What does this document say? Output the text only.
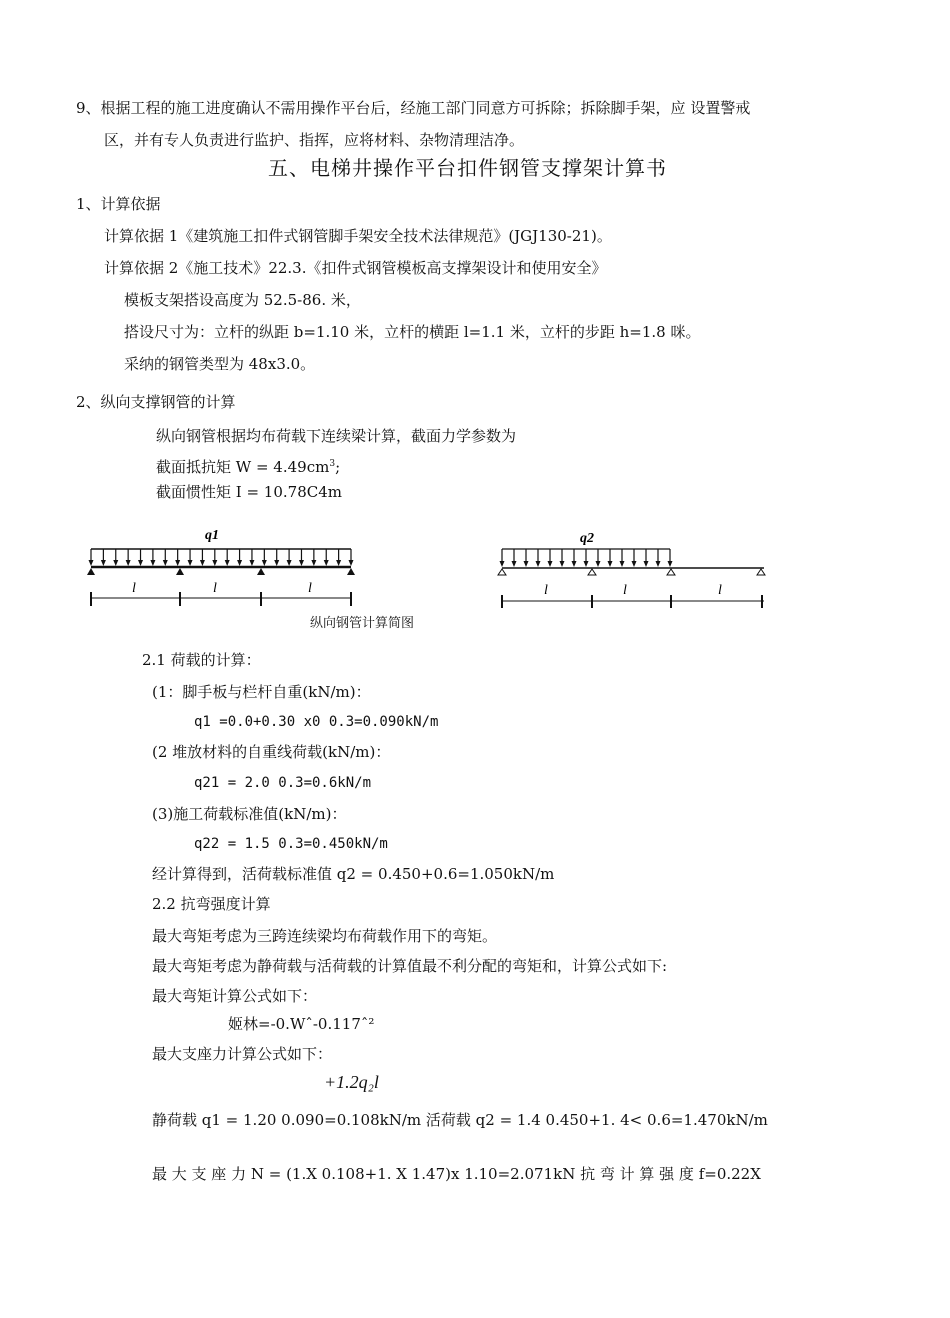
9、根据工程的施工进度确认不需用操作平台后，经施工部门同意方可拆除；拆除脚手架，应 设置警戒
区，并有专人负责进行监护、指挥，应将材料、杂物清理洁净。
五、电梯井操作平台扣件钢管支撑架计算书
1、计算依据
计算依据 1《建筑施工扣件式钢管脚手架安全技术法律规范》(JGJ130-21)。
计算依据 2《施工技术》22.3.《扣件式钢管模板高支撑架设计和使用安全》
模板支架搭设高度为 52.5-86. 米，
搭设尺寸为：立杆的纵距 b=1.10 米，立杆的横距 l=1.1 米，立杆的步距 h=1.8 咪。
采纳的钢管类型为 48x3.0。
2、纵向支撑钢管的计算
纵向钢管根据均布荷载下连续梁计算，截面力学参数为
截面抵抗矩 $W = 4.49cm^3$;
截面惯性矩 I = 10.78C4m
q1
l	l	l
q2
l	l	l
纵向钢管计算简图
2.1 荷载的计算：
(1：脚手板与栏杆自重(kN/m)：
q1 =0.0+0.30 x0 0.3=0.090kN/m
(2 堆放材料的自重线荷载(kN/m)：
q21 = 2.0 0.3=0.6kN/m
(3)施工荷载标准值(kN/m)：
q22 = 1.5 0.3=0.450kN/m
经计算得到，活荷载标准值 q2 = 0.450+0.6=1.050kN/m
2.2 抗弯强度计算
最大弯矩考虑为三跨连续梁均布荷载作用下的弯矩。
最大弯矩考虑为静荷载与活荷载的计算值最不利分配的弯矩和，计算公式如下:
最大弯矩计算公式如下：
姬林=-0.Wˆ-0.117ˆ²
最大支座力计算公式如下：
+1.2q₂l
静荷载 q1 = 1.20 0.090=0.108kN/m 活荷载 q2 = 1.4 0.450+1. 4< 0.6=1.470kN/m
最 大 支 座 力 N = (1.X 0.108+1. X 1.47)x 1.10=2.071kN 抗 弯 计 算 强 度 f=0.22X
